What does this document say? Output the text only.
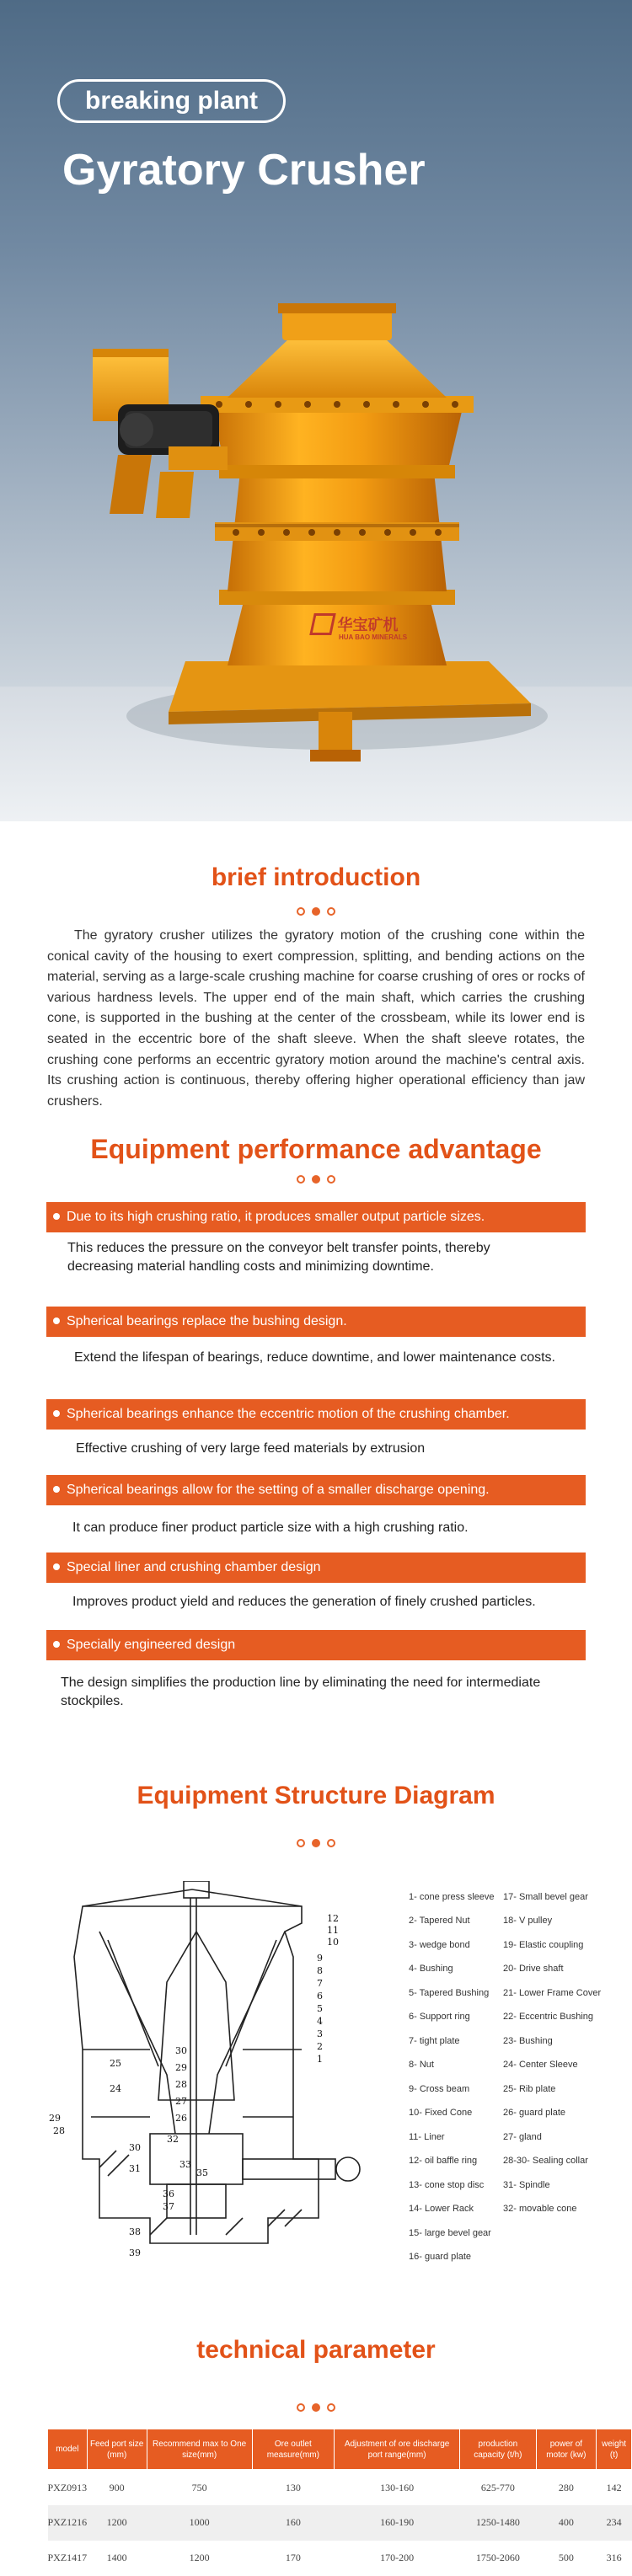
breaking plant
Gyratory Crusher
华宝矿机
HUA BAO MINERALS
brief introduction

The gyratory crusher utilizes the gyratory motion of the crushing cone within the conical cavity of the housing to exert compression, splitting, and bending actions on the material, serving as a large-scale crushing machine for coarse crushing of ores or rocks of various hardness levels. The upper end of the main shaft, which carries the crushing cone, is supported in the bushing at the center of the crossbeam, while its lower end is seated in the eccentric bore of the shaft sleeve. When the shaft sleeve rotates, the crushing cone performs an eccentric gyratory motion around the machine's central axis. Its crushing action is continuous, thereby offering higher operational efficiency than jaw crushers.

Equipment performance advantage
Due to its high crushing ratio, it produces smaller output particle sizes.

This reduces the pressure on the conveyor belt transfer points, thereby decreasing material handling costs and minimizing downtime.

Spherical bearings replace the bushing design.

Extend the lifespan of bearings, reduce downtime, and lower maintenance costs.

Spherical bearings enhance the eccentric motion of the crushing chamber.

Effective crushing of very large feed materials by extrusion

Spherical bearings allow for the setting of a smaller discharge opening.

It can produce finer product particle size with a high crushing ratio.

Special liner and crushing chamber design

Improves product yield and reduces the generation of finely crushed particles.

Specially engineered design

The design simplifies the production line by eliminating the need for intermediate stockpiles.

Equipment Structure Diagram
12
11
10
9
8
7
6
5
4
3
2
1
30
29
28
27
26
25
24
29
28
30
31
32
33
35
36
37
38
39
1- cone press sleeve 17- Small bevel gear
2- Tapered Nut	18- V pulley
3- wedge bond	19- Elastic coupling
4- Bushing	20- Drive shaft
5- Tapered Bushing	21- Lower Frame Cover
6- Support ring	22- Eccentric Bushing
7- tight plate	23- Bushing
8- Nut	24- Center Sleeve
9- Cross beam	25- Rib plate
10- Fixed Cone	26- guard plate
11- Liner	27- gland
12- oil baffle ring	28-30- Sealing collar
13- cone stop disc	31- Spindle
14- Lower Rack	32- movable cone
15- large bevel gear
16- guard plate
technical parameter
model	Feed port size (mm)	Recommend max to One size(mm)	Ore outlet measure(mm)	Adjustment of ore discharge port range(mm)	production capacity (t/h)	power of motor (kw)	weight (t)
PXZ0913	900	750	130	130-160	625-770	280	142
PXZ1216	1200	1000	160	160-190	1250-1480	400	234
PXZ1417	1400	1200	170	170-200	1750-2060	500	316
